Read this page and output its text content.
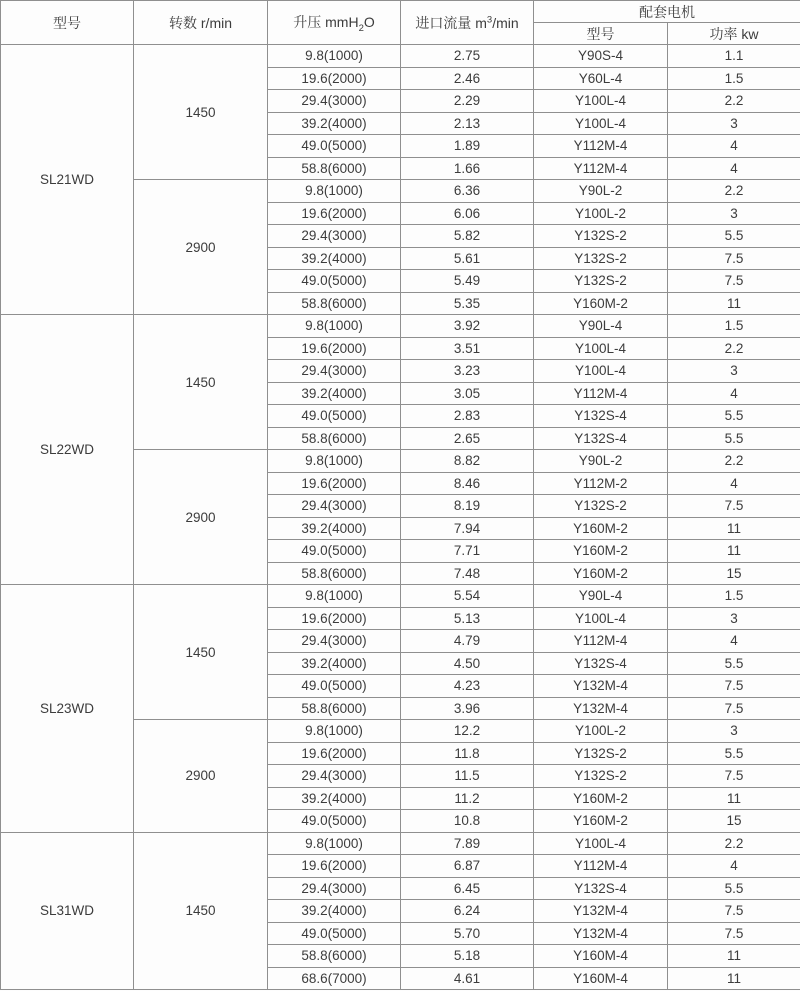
型号	转数 r/min	升压 mmH$_2$O	进口流量 $m^3/\min$	配套电机	
				型号	功率 kw
SL21WD	1450	9.8(1000)	2.75	Y90S-4	1.1
		19.6(2000)	2.46	Y60L-4	1.5
		29.4(3000)	2.29	Y100L-4	2.2
		39.2(4000)	2.13	Y100L-4	3
		49.0(5000)	1.89	Y112M-4	4
		58.8(6000)	1.66	Y112M-4	4
	2900	9.8(1000)	6.36	Y90L-2	2.2
		19.6(2000)	6.06	Y100L-2	3
		29.4(3000)	5.82	Y132S-2	5.5
		39.2(4000)	5.61	Y132S-2	7.5
		49.0(5000)	5.49	Y132S-2	7.5
		58.8(6000)	5.35	Y160M-2	11
SL22WD	1450	9.8(1000)	3.92	Y90L-4	1.5
		19.6(2000)	3.51	Y100L-4	2.2
		29.4(3000)	3.23	Y100L-4	3
		39.2(4000)	3.05	Y112M-4	4
		49.0(5000)	2.83	Y132S-4	5.5
		58.8(6000)	2.65	Y132S-4	5.5
	2900	9.8(1000)	8.82	Y90L-2	2.2
		19.6(2000)	8.46	Y112M-2	4
		29.4(3000)	8.19	Y132S-2	7.5
		39.2(4000)	7.94	Y160M-2	11
		49.0(5000)	7.71	Y160M-2	11
		58.8(6000)	7.48	Y160M-2	15
SL23WD	1450	9.8(1000)	5.54	Y90L-4	1.5
		19.6(2000)	5.13	Y100L-4	3
		29.4(3000)	4.79	Y112M-4	4
		39.2(4000)	4.50	Y132S-4	5.5
		49.0(5000)	4.23	Y132M-4	7.5
		58.8(6000)	3.96	Y132M-4	7.5
	2900	9.8(1000)	12.2	Y100L-2	3
		19.6(2000)	11.8	Y132S-2	5.5
		29.4(3000)	11.5	Y132S-2	7.5
		39.2(4000)	11.2	Y160M-2	11
		49.0(5000)	10.8	Y160M-2	15
SL31WD	1450	9.8(1000)	7.89	Y100L-4	2.2
		19.6(2000)	6.87	Y112M-4	4
		29.4(3000)	6.45	Y132S-4	5.5
		39.2(4000)	6.24	Y132M-4	7.5
		49.0(5000)	5.70	Y132M-4	7.5
		58.8(6000)	5.18	Y160M-4	11
		68.6(7000)	4.61	Y160M-4	11
